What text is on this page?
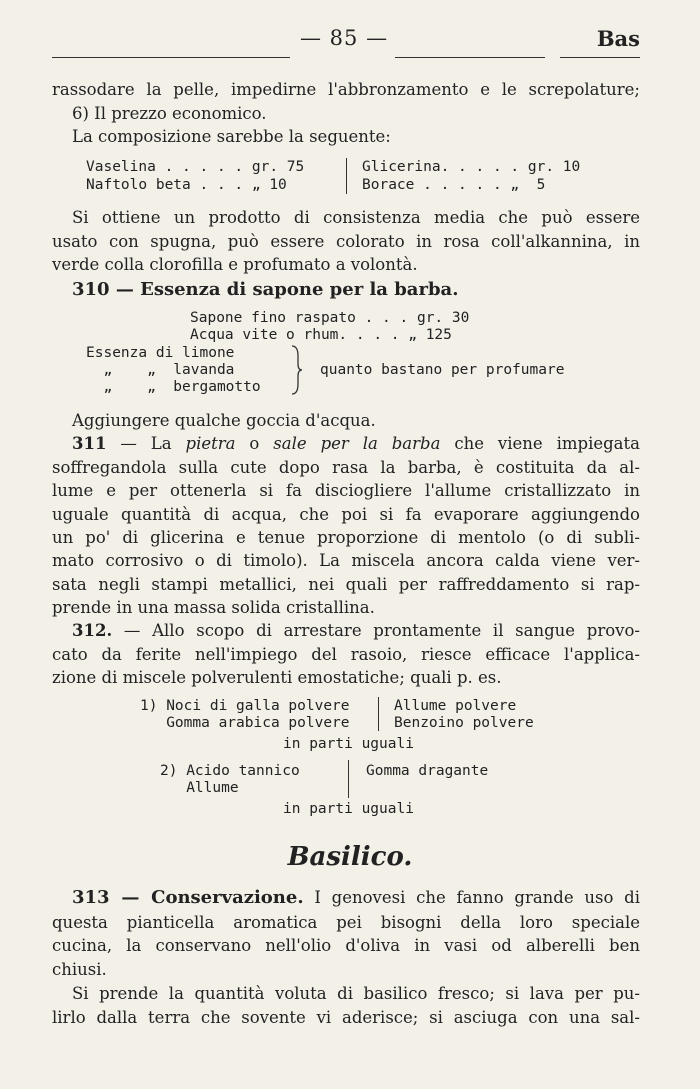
— 85 —	Bas
rassodare la pelle, impedirne l'abbronzamento e le screpolature;
6) Il prezzo economico.
La composizione sarebbe la seguente:
Vaselina . . . . . gr. 75
Naftolo beta . . . „ 10
Glicerina. . . . . gr. 10
Borace . . . . . „  5
Si ottiene un prodotto di consistenza media che può essere
usato con spugna, può essere colorato in rosa coll'alkannina, in
verde colla clorofilla e profumato a volontà.
310 — Essenza di sapone per la barba.
Sapone fino raspato . . . gr. 30
Acqua vite o rhum. . . . „ 125
Essenza di limone
„    „  lavanda
„    „  bergamotto
quanto bastano per profumare
Aggiungere qualche goccia d'acqua.
311 — La pietra o sale per la barba che viene impiegata
soffregandola sulla cute dopo rasa la barba, è costituita da al-
lume e per ottenerla si fa disciogliere l'allume cristallizzato in
uguale quantità di acqua, che poi si fa evaporare aggiungendo
un po' di glicerina e tenue proporzione di mentolo (o di subli-
mato corrosivo o di timolo). La miscela ancora calda viene ver-
sata negli stampi metallici, nei quali per raffreddamento si rap-
prende in una massa solida cristallina.
312. — Allo scopo di arrestare prontamente il sangue provo-
cato da ferite nell'impiego del rasoio, riesce efficace l'applica-
zione di miscele polverulenti emostatiche; quali p. es.
1) Noci di galla polvere
Gomma arabica polvere
Allume polvere
Benzoino polvere
in parti uguali
2) Acido tannico
Allume
Gomma dragante
in parti uguali
Basilico.
313 — Conservazione. I genovesi che fanno grande uso di
questa pianticella aromatica pei bisogni della loro speciale
cucina, la conservano nell'olio d'oliva in vasi od alberelli ben
chiusi.
Si prende la quantità voluta di basilico fresco; si lava per pu-
lirlo dalla terra che sovente vi aderisce; si asciuga con una sal-
